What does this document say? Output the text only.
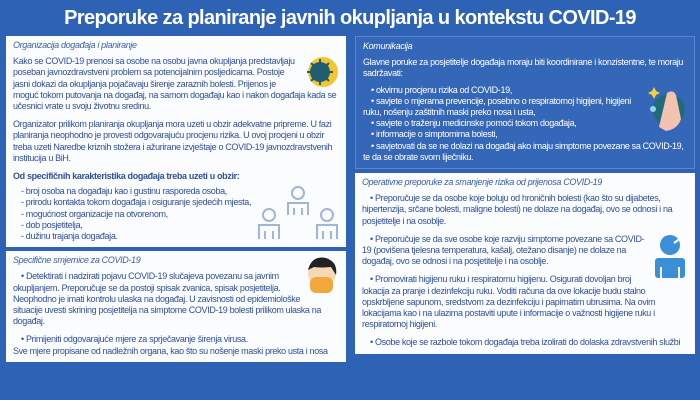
Preporuke za planiranje javnih okupljanja u kontekstu COVID-19
Organizacija događaja i planiranje

Kako se COVID-19 prenosi sa osobe na osobu javna okupljanja predstavljaju poseban javnozdravstveni problem sa potencijalnim posljedicama. Postoje jasni dokazi da okupljanja pojačavaju širenje zaraznih bolesti. Prijenos je moguć tokom putovanja na događaj, na samom događaju kao i nakon događaja kada se učesnici vrate u svoju životnu sredinu.

Organizator prilikom planiranja okupljanja mora uzeti u obzir adekvatne pripreme. U fazi planiranja neophodno je provesti odgovarajuću procjenu rizika. U ovoj procjeni u obzir treba uzeti Naredbe kriznih stožera i ažurirane izvještaje o COVID-19 javnozdravstvenih institucija u BiH.

Od specifičnih karakteristika događaja treba uzeti u obzir:

- broj osoba na događaju kao i gustinu rasporeda osoba,
- prirodu kontakta tokom događaja i osiguranje sjedećih mjesta,
- mogućnost organizacije na otvorenom,
- dob posjetitelja,
- dužinu trajanja događaja.
Specifične smjernice za COVID-19

• Detektirati i nadzirati pojavu COVID-19 slučajeva povezanu sa javnim okupljanjem. Preporučuje se da postoji spisak zvanica, spisak posjetitelja. Neophodno je imati kontrolu ulaska na događaj. U zavisnosti od epidemiološke situacije uvesti skrining posjetitelja na simptome COVID-19 bolesti prilikom ulaska na događaj.

• Primijeniti odgovarajuće mjere za sprječavanje širenja virusa.
Sve mjere propisane od nadležnih organa, kao što su nošenje maski preko usta i nosa
Komunikacija

Glavne poruke za posjetitelje događaja moraju biti koordinirane i konzistentne, te moraju sadržavati:

• okvirnu procjenu rizika od COVID-19,
• savjete o mjerama prevencije, posebno o respiratornoj higijeni, higijeni ruku, nošenju zaštitnih maski preko nosa i usta,
• savjete o traženju medicinske pomoći tokom događaja,
• informacije o simptomima bolesti,
• savjetovati da se ne dolazi na događaj ako imaju simptome povezane sa COVID-19, te da se obrate svom liječniku.
Operativne preporuke za smanjenje rizika od prijenosa COVID-19

• Preporučuje se da osobe koje boluju od hroničnih bolesti (kao što su dijabetes, hipertenzija, srčane bolesti, maligne bolesti) ne dolaze na događaj, ovo se odnosi i na posjetitelje i na osoblje.

• Preporučuje se da sve osobe koje razviju simptome povezane sa COVID-19 (povišena tjelesna temperatura, kašalj, otežano disanje) ne dolaze na događaj, ovo se odnosi i na posjetitelje i na osoblje.

• Promovirati higijenu ruku i respiratornu higijenu. Osigurati dovoljan broj lokacija za pranje i dezinfekciju ruku. Voditi računa da ove lokacije budu stalno opskrbljene sapunom, sredstvom za dezinfekciju i papirnatim ubrusima. Na ovim lokacijama kao i na ulazima postaviti upute i informacije o važnosti higijene ruku i respiratornoj higijeni.

• Osobe koje se razbole tokom događaja treba izolirati do dolaska zdravstvenih službi
